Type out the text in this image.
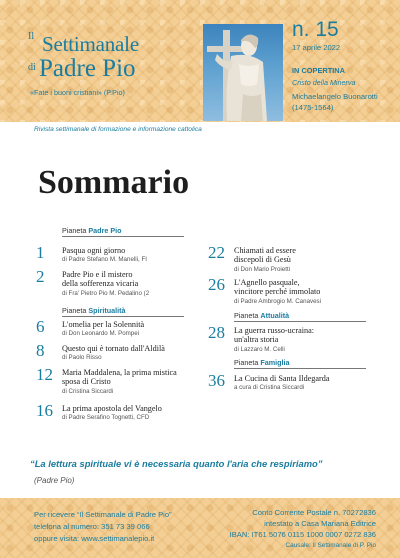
Il Settimanale
di Padre Pio
«Fate i buoni cristiani» (P.Pio)
n. 15
17 aprile 2022
IN COPERTINA
Cristo della Minerva
Michaelangelo Buonarotti
(1475-1564)
Rivista settimanale di formazione e informazione cattolica
Sommario
Pianeta Padre Pio
Pianeta Spiritualità
Pianeta Attualità
Pianeta Famiglia
1 Pasqua ogni giorno
di Padre Stefano M. Manelli, FI
2 Padre Pio e il mistero
della sofferenza vicaria
di Fra' Pietro Pio M. Pedalino (2
6 L'omelia per la Solennità
di Don Leonardo M. Pompei
8 Questo qui è tornato dall'Aldilà
di Paolo Risso
12 Maria Maddalena, la prima mistica
sposa di Cristo
di Cristina Siccardi
16 La prima apostola del Vangelo
di Padre Serafino Tognetti, CFD
22 Chiamati ad essere
discepoli di Gesù
di Don Mario Proietti
26 L'Agnello pasquale,
vincitore perché immolato
di Padre Ambrogio M. Canavesi
28 La guerra russo-ucraina:
un'altra storia
di Lazzaro M. Celli
36 La Cucina di Santa Ildegarda
a cura di Cristina Siccardi
“La lettura spirituale vi è necessaria quanto l'aria che respiriamo”
(Padre Pio)
Per ricevere “Il Settimanale di Padre Pio”
telefona al numero: 351 73 39 066
oppure visita: www.settimanalepio.it
Conto Corrente Postale n. 70272836
intestato a Casa Mariana Editrice
IBAN: IT61 5076 0115 1000 0007 0272 836
Causale: Il Settimanale di P. Pio
